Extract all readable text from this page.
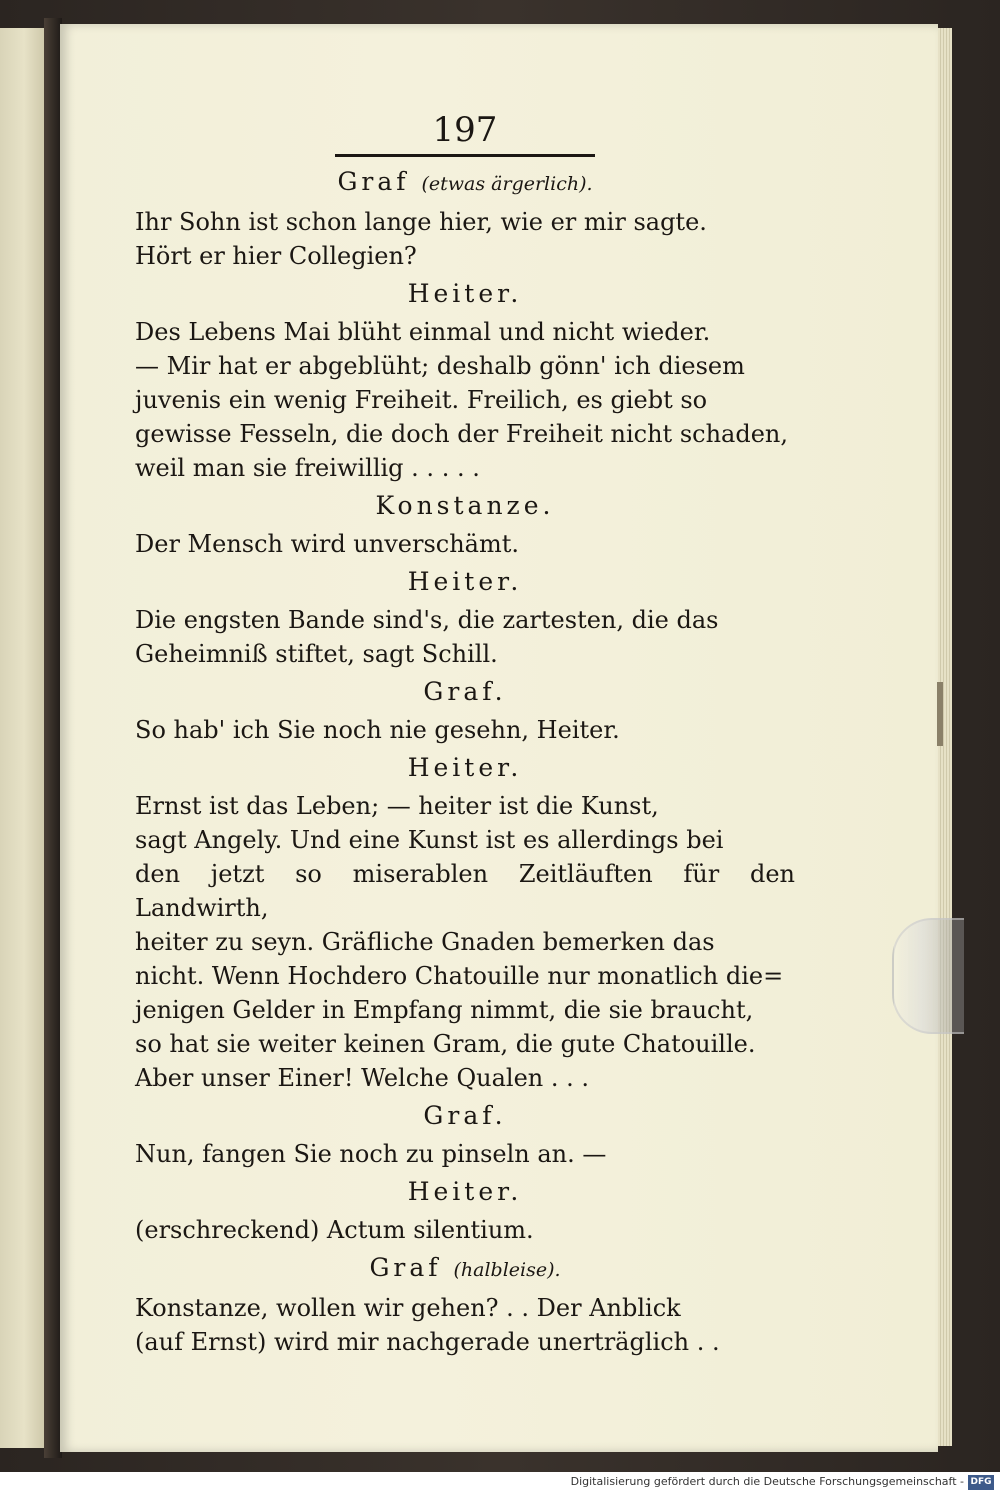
197
Graf (etwas ärgerlich).
Ihr Sohn ist schon lange hier, wie er mir sagte.
Hört er hier Collegien?
Heiter.
Des Lebens Mai blüht einmal und nicht wieder.
— Mir hat er abgeblüht; deshalb gönn' ich diesem
juvenis ein wenig Freiheit. Freilich, es giebt so
gewisse Fesseln, die doch der Freiheit nicht schaden,
weil man sie freiwillig . . . . .
Konstanze.
Der Mensch wird unverschämt.
Heiter.
Die engsten Bande sind's, die zartesten, die das
Geheimniß stiftet, sagt Schill.
Graf.
So hab' ich Sie noch nie gesehn, Heiter.
Heiter.
Ernst ist das Leben; — heiter ist die Kunst,
sagt Angely. Und eine Kunst ist es allerdings bei
den jetzt so miserablen Zeitläuften für den Landwirth,
heiter zu seyn. Gräfliche Gnaden bemerken das
nicht. Wenn Hochdero Chatouille nur monatlich die=
jenigen Gelder in Empfang nimmt, die sie braucht,
so hat sie weiter keinen Gram, die gute Chatouille.
Aber unser Einer! Welche Qualen . . .
Graf.
Nun, fangen Sie noch zu pinseln an. —
Heiter.
(erschreckend) Actum silentium.
Graf (halbleise).
Konstanze, wollen wir gehen? . . Der Anblick
(auf Ernst) wird mir nachgerade unerträglich . .
Digitalisierung gefördert durch die Deutsche Forschungsgemeinschaft - DFG
